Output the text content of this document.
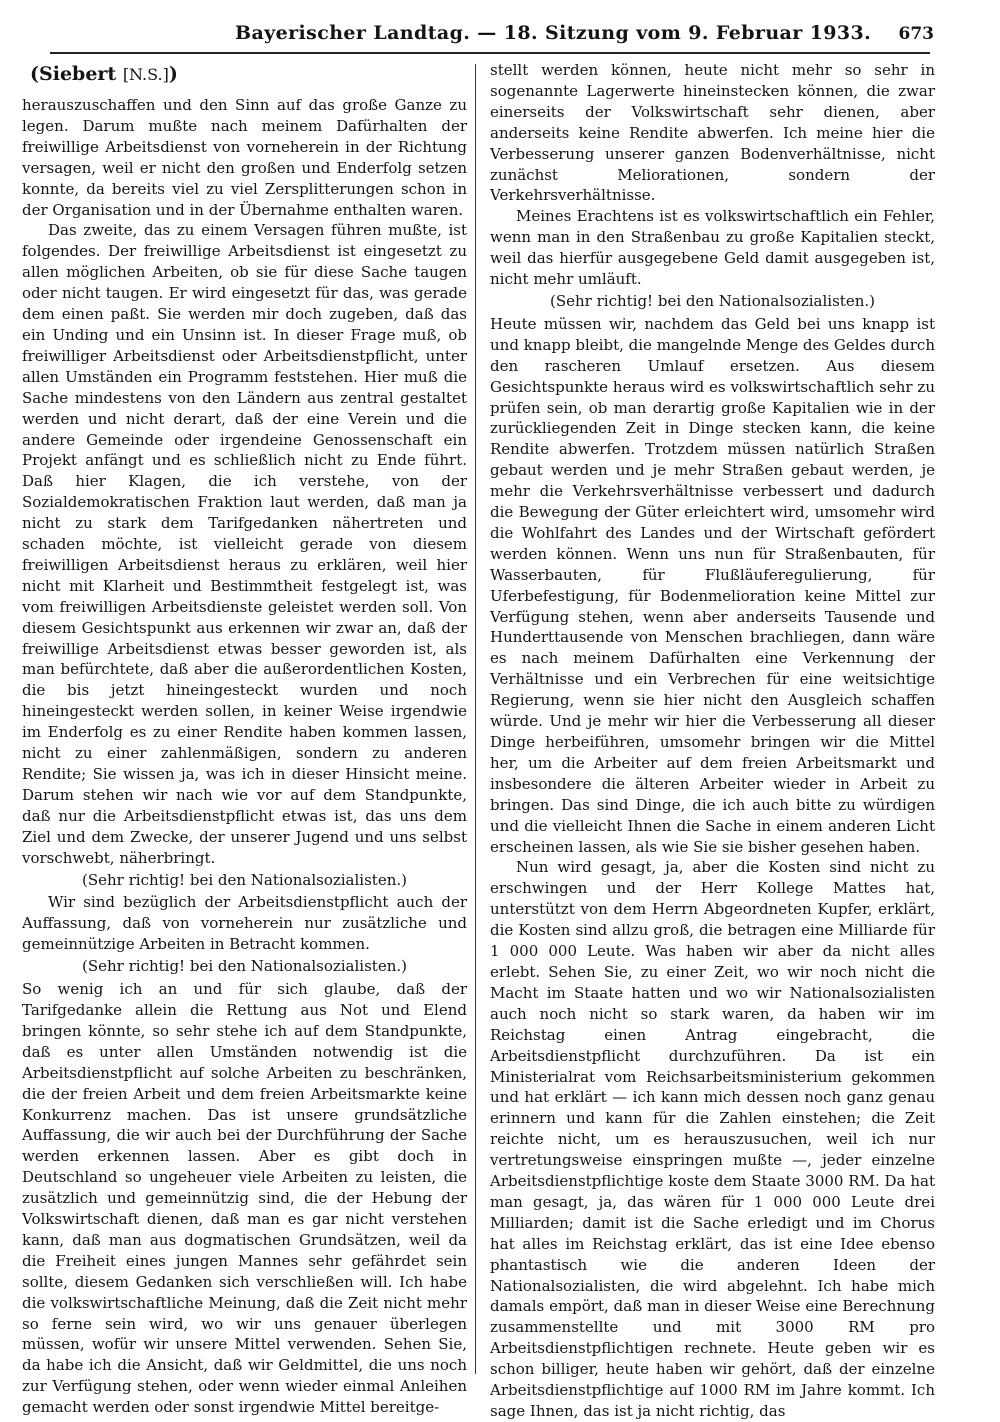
Bayerischer Landtag. — 18. Sitzung vom 9. Februar 1933. 673
(Siebert [N.S.])

herauszuschaffen und den Sinn auf das große Ganze zu legen. Darum mußte nach meinem Dafürhalten der freiwillige Arbeitsdienst von vorneherein in der Richtung versagen, weil er nicht den großen und Enderfolg setzen konnte, da bereits viel zu viel Zersplitterungen schon in der Organisation und in der Übernahme enthalten waren.

Das zweite, das zu einem Versagen führen mußte, ist folgendes. Der freiwillige Arbeitsdienst ist eingesetzt zu allen möglichen Arbeiten, ob sie für diese Sache taugen oder nicht taugen. Er wird eingesetzt für das, was gerade dem einen paßt. Sie werden mir doch zugeben, daß das ein Unding und ein Unsinn ist. In dieser Frage muß, ob freiwilliger Arbeitsdienst oder Arbeitsdienstpflicht, unter allen Umständen ein Programm feststehen. Hier muß die Sache mindestens von den Ländern aus zentral gestaltet werden und nicht derart, daß der eine Verein und die andere Gemeinde oder irgendeine Genossenschaft ein Projekt anfängt und es schließlich nicht zu Ende führt. Daß hier Klagen, die ich verstehe, von der Sozialdemokratischen Fraktion laut werden, daß man ja nicht zu stark dem Tarifgedanken nähertreten und schaden möchte, ist vielleicht gerade von diesem freiwilligen Arbeitsdienst heraus zu erklären, weil hier nicht mit Klarheit und Bestimmtheit festgelegt ist, was vom freiwilligen Arbeitsdienste geleistet werden soll. Von diesem Gesichtspunkt aus erkennen wir zwar an, daß der freiwillige Arbeitsdienst etwas besser geworden ist, als man befürchtete, daß aber die außerordentlichen Kosten, die bis jetzt hineingesteckt wurden und noch hineingesteckt werden sollen, in keiner Weise irgendwie im Enderfolg es zu einer Rendite haben kommen lassen, nicht zu einer zahlenmäßigen, sondern zu anderen Rendite; Sie wissen ja, was ich in dieser Hinsicht meine. Darum stehen wir nach wie vor auf dem Standpunkte, daß nur die Arbeitsdienstpflicht etwas ist, das uns dem Ziel und dem Zwecke, der unserer Jugend und uns selbst vorschwebt, näherbringt.

(Sehr richtig! bei den Nationalsozialisten.)

Wir sind bezüglich der Arbeitsdienstpflicht auch der Auffassung, daß von vorneherein nur zusätzliche und gemeinnützige Arbeiten in Betracht kommen.

(Sehr richtig! bei den Nationalsozialisten.)

So wenig ich an und für sich glaube, daß der Tarifgedanke allein die Rettung aus Not und Elend bringen könnte, so sehr stehe ich auf dem Standpunkte, daß es unter allen Umständen notwendig ist die Arbeitsdienstpflicht auf solche Arbeiten zu beschränken, die der freien Arbeit und dem freien Arbeitsmarkte keine Konkurrenz machen. Das ist unsere grundsätzliche Auffassung, die wir auch bei der Durchführung der Sache werden erkennen lassen. Aber es gibt doch in Deutschland so ungeheuer viele Arbeiten zu leisten, die zusätzlich und gemeinnützig sind, die der Hebung der Volkswirtschaft dienen, daß man es gar nicht verstehen kann, daß man aus dogmatischen Grundsätzen, weil da die Freiheit eines jungen Mannes sehr gefährdet sein sollte, diesem Gedanken sich verschließen will. Ich habe die volkswirtschaftliche Meinung, daß die Zeit nicht mehr so ferne sein wird, wo wir uns genauer überlegen müssen, wofür wir unsere Mittel verwenden. Sehen Sie, da habe ich die Ansicht, daß wir Geldmittel, die uns noch zur Verfügung stehen, oder wenn wieder einmal Anleihen gemacht werden oder sonst irgendwie Mittel bereitge-

stellt werden können, heute nicht mehr so sehr in sogenannte Lagerwerte hineinstecken können, die zwar einerseits der Volkswirtschaft sehr dienen, aber anderseits keine Rendite abwerfen. Ich meine hier die Verbesserung unserer ganzen Bodenverhältnisse, nicht zunächst Meliorationen, sondern der Verkehrsverhältnisse.

Meines Erachtens ist es volkswirtschaftlich ein Fehler, wenn man in den Straßenbau zu große Kapitalien steckt, weil das hierfür ausgegebene Geld damit ausgegeben ist, nicht mehr umläuft.

(Sehr richtig! bei den Nationalsozialisten.)

Heute müssen wir, nachdem das Geld bei uns knapp ist und knapp bleibt, die mangelnde Menge des Geldes durch den rascheren Umlauf ersetzen. Aus diesem Gesichtspunkte heraus wird es volkswirtschaftlich sehr zu prüfen sein, ob man derartig große Kapitalien wie in der zurückliegenden Zeit in Dinge stecken kann, die keine Rendite abwerfen. Trotzdem müssen natürlich Straßen gebaut werden und je mehr Straßen gebaut werden, je mehr die Verkehrsverhältnisse verbessert und dadurch die Bewegung der Güter erleichtert wird, umsomehr wird die Wohlfahrt des Landes und der Wirtschaft gefördert werden können. Wenn uns nun für Straßenbauten, für Wasserbauten, für Flußläuferegulierung, für Uferbefestigung, für Bodenmelioration keine Mittel zur Verfügung stehen, wenn aber anderseits Tausende und Hunderttausende von Menschen brachliegen, dann wäre es nach meinem Dafürhalten eine Verkennung der Verhältnisse und ein Verbrechen für eine weitsichtige Regierung, wenn sie hier nicht den Ausgleich schaffen würde. Und je mehr wir hier die Verbesserung all dieser Dinge herbeiführen, umsomehr bringen wir die Mittel her, um die Arbeiter auf dem freien Arbeitsmarkt und insbesondere die älteren Arbeiter wieder in Arbeit zu bringen. Das sind Dinge, die ich auch bitte zu würdigen und die vielleicht Ihnen die Sache in einem anderen Licht erscheinen lassen, als wie Sie sie bisher gesehen haben.

Nun wird gesagt, ja, aber die Kosten sind nicht zu erschwingen und der Herr Kollege Mattes hat, unterstützt von dem Herrn Abgeordneten Kupfer, erklärt, die Kosten sind allzu groß, die betragen eine Milliarde für 1 000 000 Leute. Was haben wir aber da nicht alles erlebt. Sehen Sie, zu einer Zeit, wo wir noch nicht die Macht im Staate hatten und wo wir Nationalsozialisten auch noch nicht so stark waren, da haben wir im Reichstag einen Antrag eingebracht, die Arbeitsdienstpflicht durchzuführen. Da ist ein Ministerialrat vom Reichsarbeitsministerium gekommen und hat erklärt — ich kann mich dessen noch ganz genau erinnern und kann für die Zahlen einstehen; die Zeit reichte nicht, um es herauszusuchen, weil ich nur vertretungsweise einspringen mußte —, jeder einzelne Arbeitsdienstpflichtige koste dem Staate 3000 RM. Da hat man gesagt, ja, das wären für 1 000 000 Leute drei Milliarden; damit ist die Sache erledigt und im Chorus hat alles im Reichstag erklärt, das ist eine Idee ebenso phantastisch wie die anderen Ideen der Nationalsozialisten, die wird abgelehnt. Ich habe mich damals empört, daß man in dieser Weise eine Berechnung zusammenstellte und mit 3000 RM pro Arbeitsdienstpflichtigen rechnete. Heute geben wir es schon billiger, heute haben wir gehört, daß der einzelne Arbeitsdienstpflichtige auf 1000 RM im Jahre kommt. Ich sage Ihnen, das ist ja nicht richtig, das
